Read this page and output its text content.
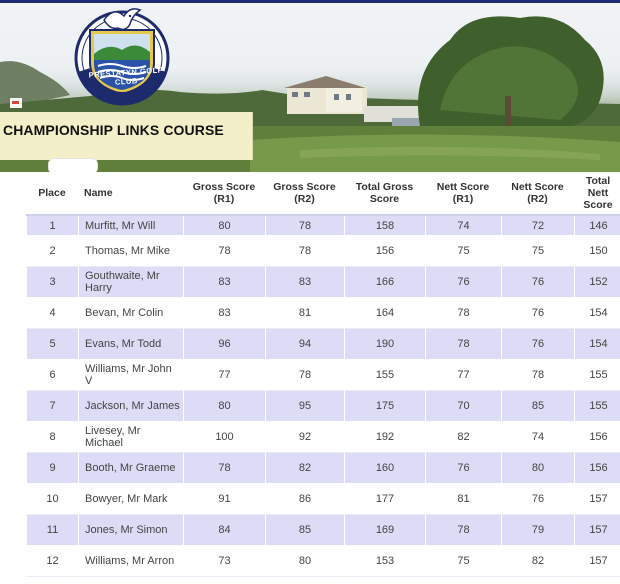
PRESTATYN GOLF CLUB
CHAMPIONSHIP LINKS COURSE
Place	Name	Gross Score (R1)	Gross Score (R2)	Total Gross Score	Nett Score (R1)	Nett Score (R2)	Total Nett Score
1	Murfitt, Mr Will	80	78	158	74	72	146
2	Thomas, Mr Mike	78	78	156	75	75	150
3	Gouthwaite, Mr Harry	83	83	166	76	76	152
4	Bevan, Mr Colin	83	81	164	78	76	154
5	Evans, Mr Todd	96	94	190	78	76	154
6	Williams, Mr John V	77	78	155	77	78	155
7	Jackson, Mr James	80	95	175	70	85	155
8	Livesey, Mr Michael	100	92	192	82	74	156
9	Booth, Mr Graeme	78	82	160	76	80	156
10	Bowyer, Mr Mark	91	86	177	81	76	157
11	Jones, Mr Simon	84	85	169	78	79	157
12	Williams, Mr Arron	73	80	153	75	82	157
